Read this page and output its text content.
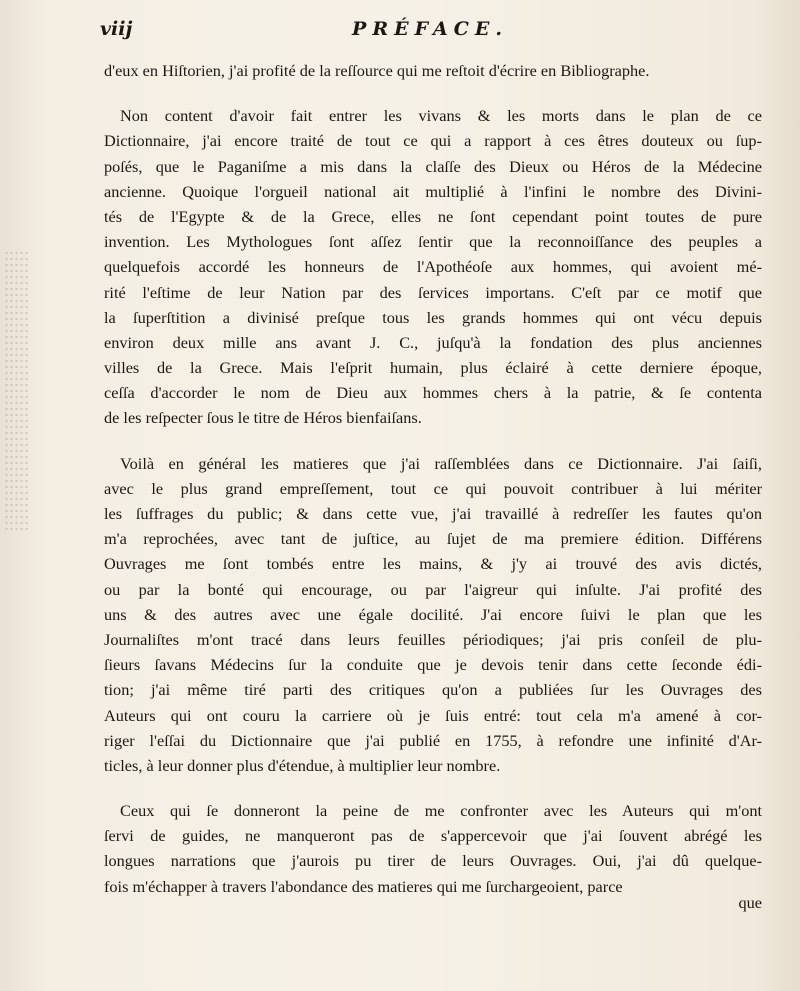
viij	PRÉFACE.
d'eux en Hiſtorien, j'ai profité de la reſſource qui me reſtoit d'écrire en Bibliographe.
Non content d'avoir fait entrer les vivans & les morts dans le plan de ce
Dictionnaire, j'ai encore traité de tout ce qui a rapport à ces êtres douteux ou ſup-
poſés, que le Paganiſme a mis dans la claſſe des Dieux ou Héros de la Médecine
ancienne. Quoique l'orgueil national ait multiplié à l'infini le nombre des Divini-
tés de l'Egypte & de la Grece, elles ne ſont cependant point toutes de pure
invention. Les Mythologues ſont aſſez ſentir que la reconnoiſſance des peuples a
quelquefois accordé les honneurs de l'Apothéoſe aux hommes, qui avoient mé-
rité l'eſtime de leur Nation par des ſervices importans. C'eſt par ce motif que
la ſuperſtition a divinisé preſque tous les grands hommes qui ont vécu depuis
environ deux mille ans avant J. C., juſqu'à la fondation des plus anciennes
villes de la Grece. Mais l'eſprit humain, plus éclairé à cette derniere époque,
ceſſa d'accorder le nom de Dieu aux hommes chers à la patrie, & ſe contenta
de les reſpecter ſous le titre de Héros bienfaiſans.
Voilà en général les matieres que j'ai raſſemblées dans ce Dictionnaire. J'ai ſaiſi,
avec le plus grand empreſſement, tout ce qui pouvoit contribuer à lui mériter
les ſuffrages du public; & dans cette vue, j'ai travaillé à redreſſer les fautes qu'on
m'a reprochées, avec tant de juſtice, au ſujet de ma premiere édition. Différens
Ouvrages me ſont tombés entre les mains, & j'y ai trouvé des avis dictés,
ou par la bonté qui encourage, ou par l'aigreur qui inſulte. J'ai profité des
uns & des autres avec une égale docilité. J'ai encore ſuivi le plan que les
Journaliſtes m'ont tracé dans leurs feuilles périodiques; j'ai pris conſeil de plu-
ſieurs ſavans Médecins ſur la conduite que je devois tenir dans cette ſeconde édi-
tion; j'ai même tiré parti des critiques qu'on a publiées ſur les Ouvrages des
Auteurs qui ont couru la carriere où je ſuis entré: tout cela m'a amené à cor-
riger l'eſſai du Dictionnaire que j'ai publié en 1755, à refondre une infinité d'Ar-
ticles, à leur donner plus d'étendue, à multiplier leur nombre.
Ceux qui ſe donneront la peine de me confronter avec les Auteurs qui m'ont
ſervi de guides, ne manqueront pas de s'appercevoir que j'ai ſouvent abrégé les
longues narrations que j'aurois pu tirer de leurs Ouvrages. Oui, j'ai dû quelque-
fois m'échapper à travers l'abondance des matieres qui me ſurchargeoient, parce
que
